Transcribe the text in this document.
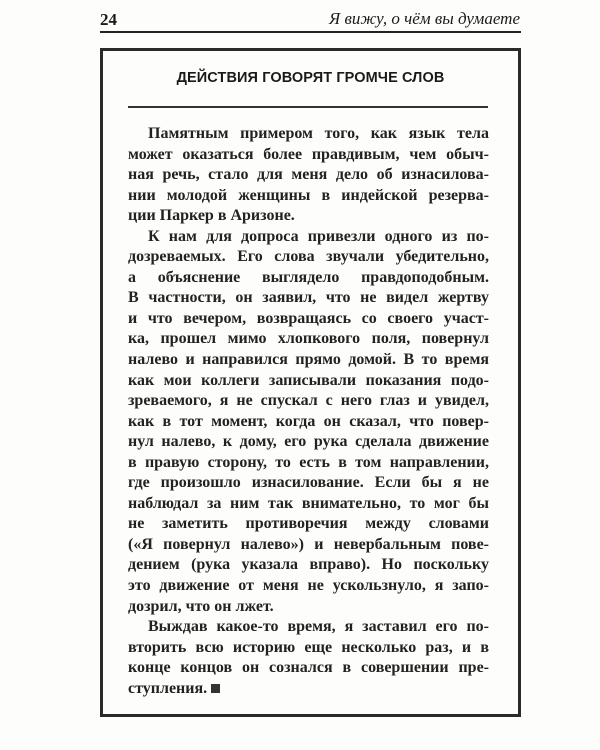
24	Я вижу, о чём вы думаете
ДЕЙСТВИЯ ГОВОРЯТ ГРОМЧЕ СЛОВ
Памятным примером того, как язык тела
может оказаться более правдивым, чем обыч-
ная речь, стало для меня дело об изнасилова-
нии молодой женщины в индейской резерва-
ции Паркер в Аризоне.
К нам для допроса привезли одного из по-
дозреваемых. Его слова звучали убедительно,
а объяснение выглядело правдоподобным.
В частности, он заявил, что не видел жертву
и что вечером, возвращаясь со своего участ-
ка, прошел мимо хлопкового поля, повернул
налево и направился прямо домой. В то время
как мои коллеги записывали показания подо-
зреваемого, я не спускал с него глаз и увидел,
как в тот момент, когда он сказал, что повер-
нул налево, к дому, его рука сделала движение
в правую сторону, то есть в том направлении,
где произошло изнасилование. Если бы я не
наблюдал за ним так внимательно, то мог бы
не заметить противоречия между словами
(«Я повернул налево») и невербальным пове-
дением (рука указала вправо). Но поскольку
это движение от меня не ускользнуло, я запо-
дозрил, что он лжет.
Выждав какое-то время, я заставил его по-
вторить всю историю еще несколько раз, и в
конце концов он сознался в совершении пре-
ступления.
